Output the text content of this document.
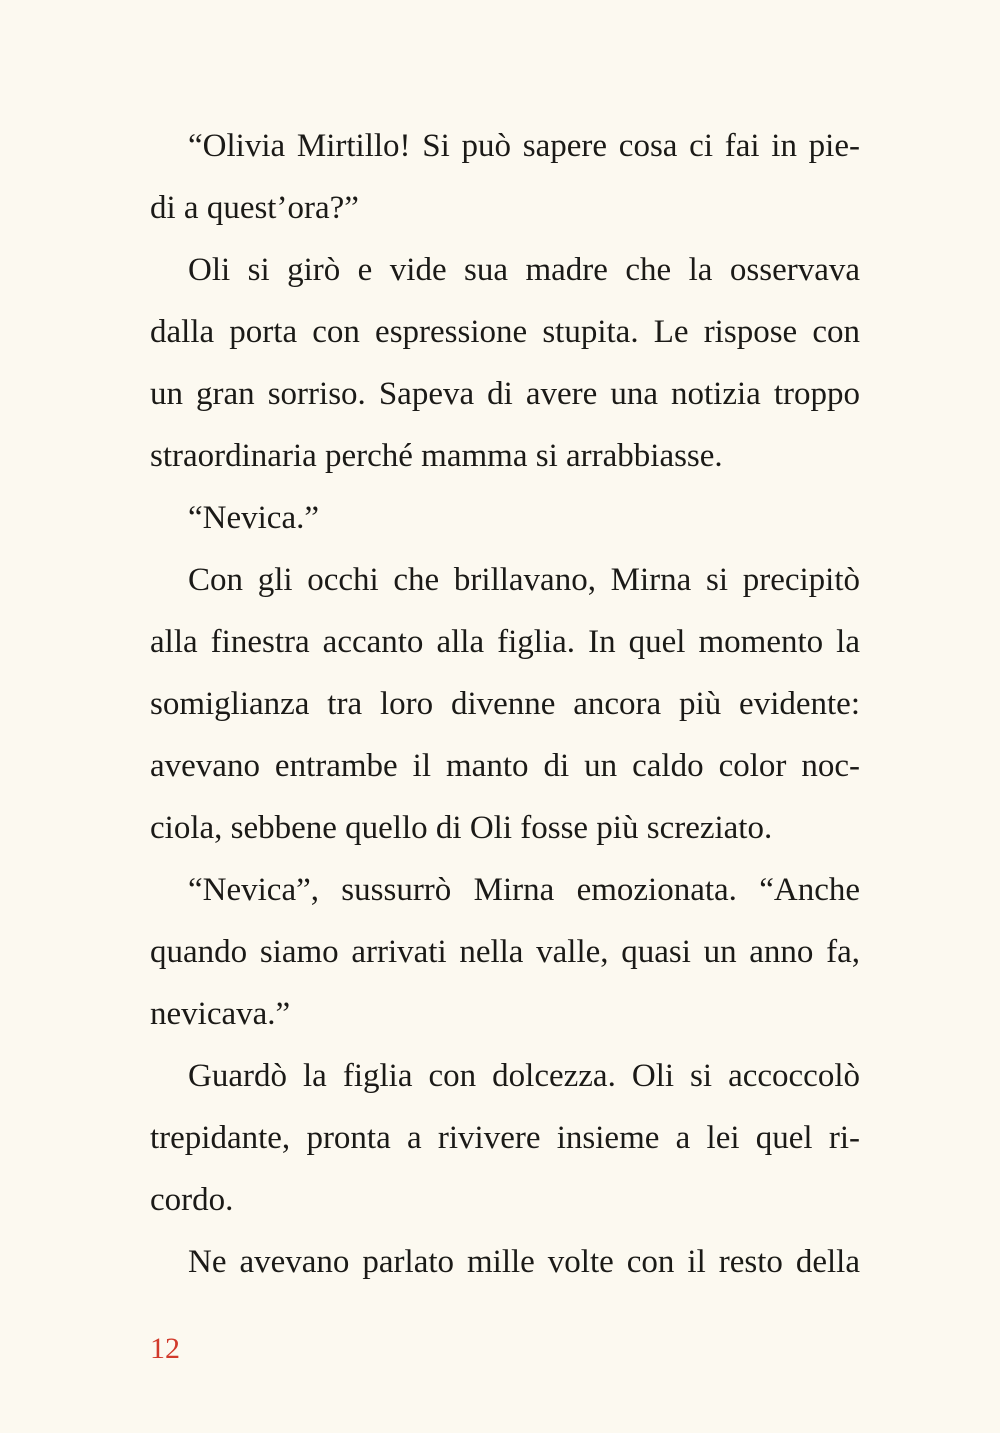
“Olivia Mirtillo! Si può sapere cosa ci fai in pie-
di a quest’ora?”
Oli si girò e vide sua madre che la osservava
dalla porta con espressione stupita. Le rispose con
un gran sorriso. Sapeva di avere una notizia troppo
straordinaria perché mamma si arrabbiasse.
“Nevica.”
Con gli occhi che brillavano, Mirna si precipitò
alla finestra accanto alla figlia. In quel momento la
somiglianza tra loro divenne ancora più evidente:
avevano entrambe il manto di un caldo color noc-
ciola, sebbene quello di Oli fosse più screziato.
“Nevica”, sussurrò Mirna emozionata. “Anche
quando siamo arrivati nella valle, quasi un anno fa,
nevicava.”
Guardò la figlia con dolcezza. Oli si accoccolò
trepidante, pronta a rivivere insieme a lei quel ri-
cordo.
Ne avevano parlato mille volte con il resto della
12
